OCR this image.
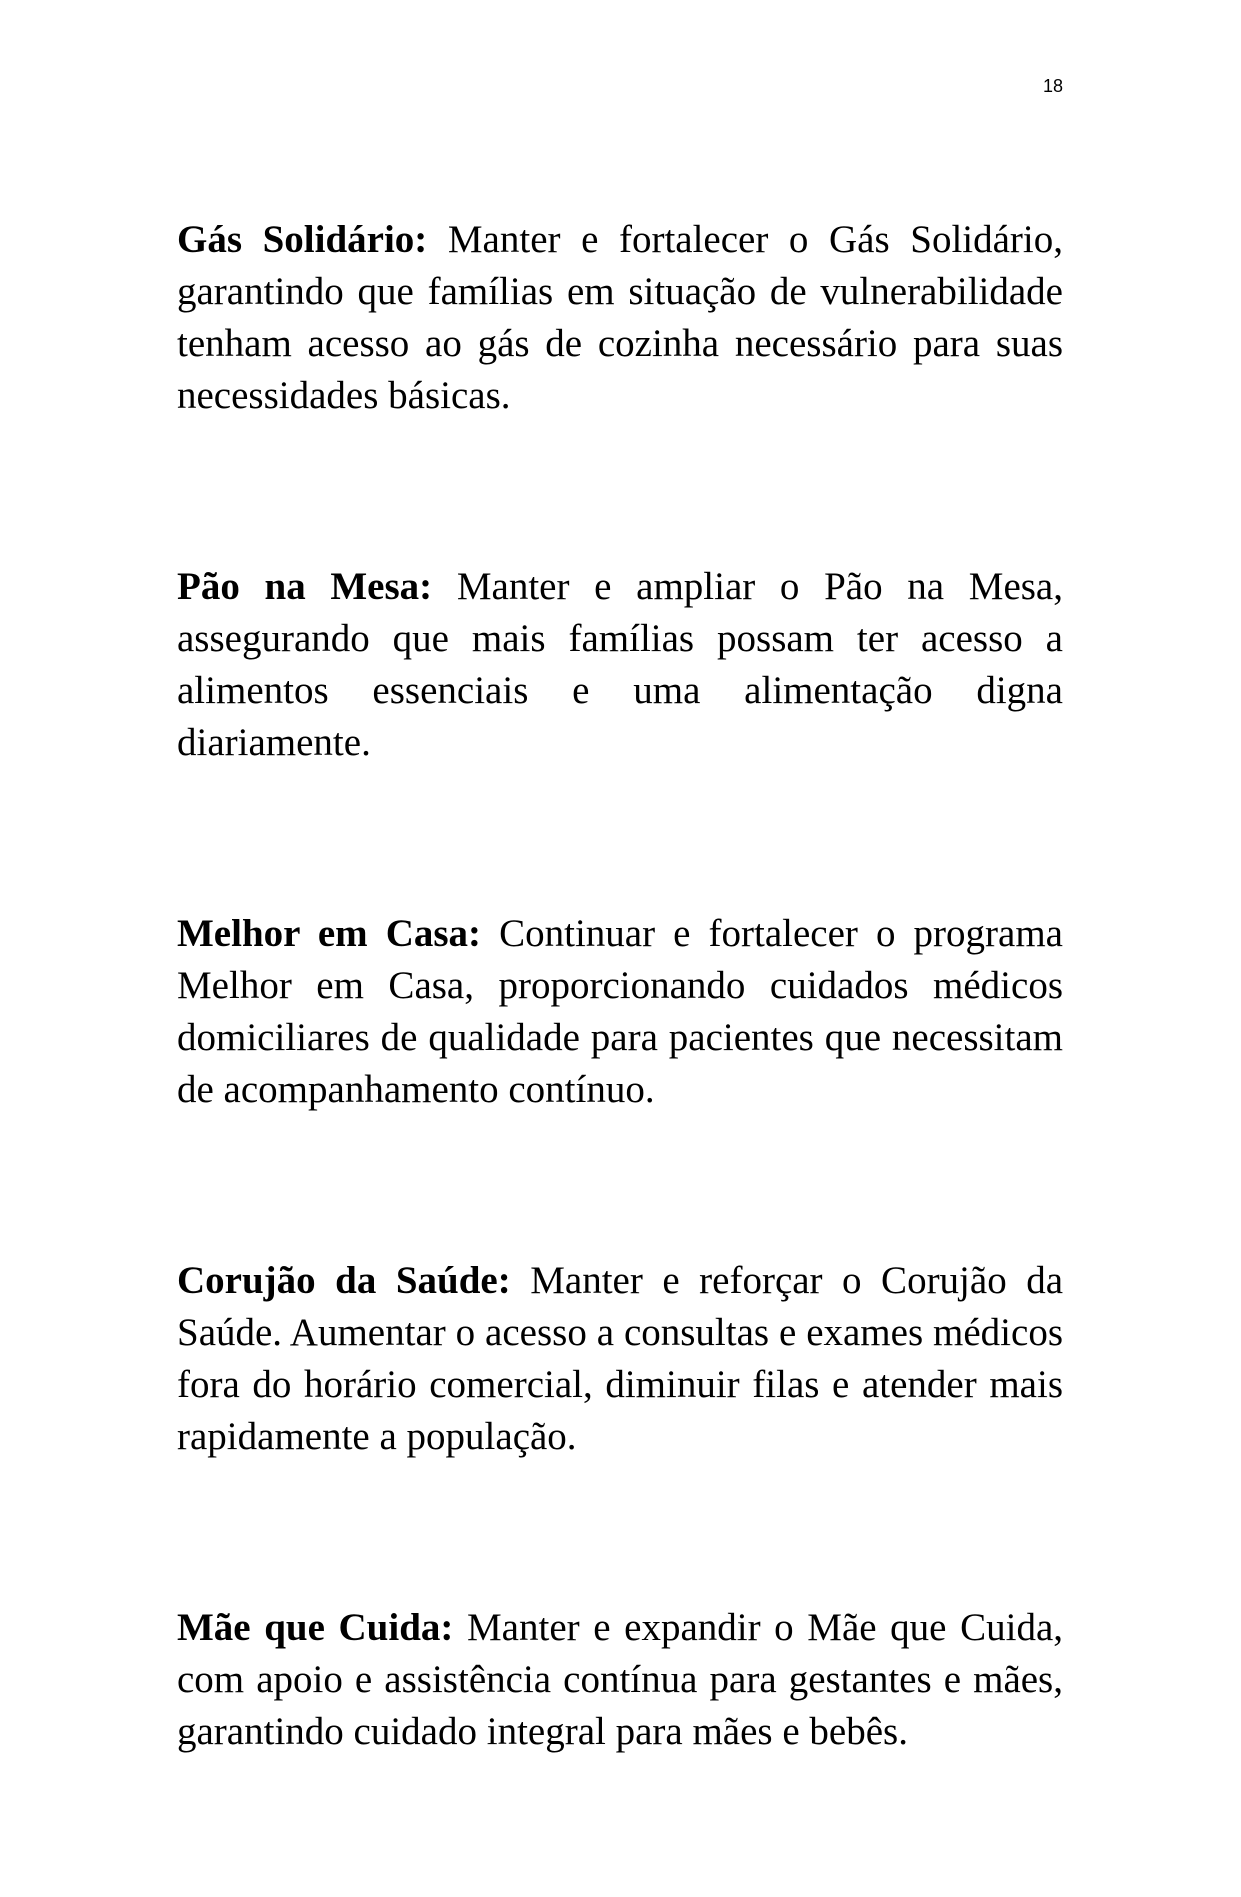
18

Gás Solidário: Manter e fortalecer o Gás Solidário, garantindo que famílias em situação de vulnerabilidade tenham acesso ao gás de cozinha necessário para suas necessidades básicas.

Pão na Mesa: Manter e ampliar o Pão na Mesa, assegurando que mais famílias possam ter acesso a alimentos essenciais e uma alimentação digna diariamente.

Melhor em Casa: Continuar e fortalecer o programa Melhor em Casa, proporcionando cuidados médicos domiciliares de qualidade para pacientes que necessitam de acompanhamento contínuo.

Corujão da Saúde: Manter e reforçar o Corujão da Saúde. Aumentar o acesso a consultas e exames médicos fora do horário comercial, diminuir filas e atender mais rapidamente a população.

Mãe que Cuida: Manter e expandir o Mãe que Cuida, com apoio e assistência contínua para gestantes e mães, garantindo cuidado integral para mães e bebês.
